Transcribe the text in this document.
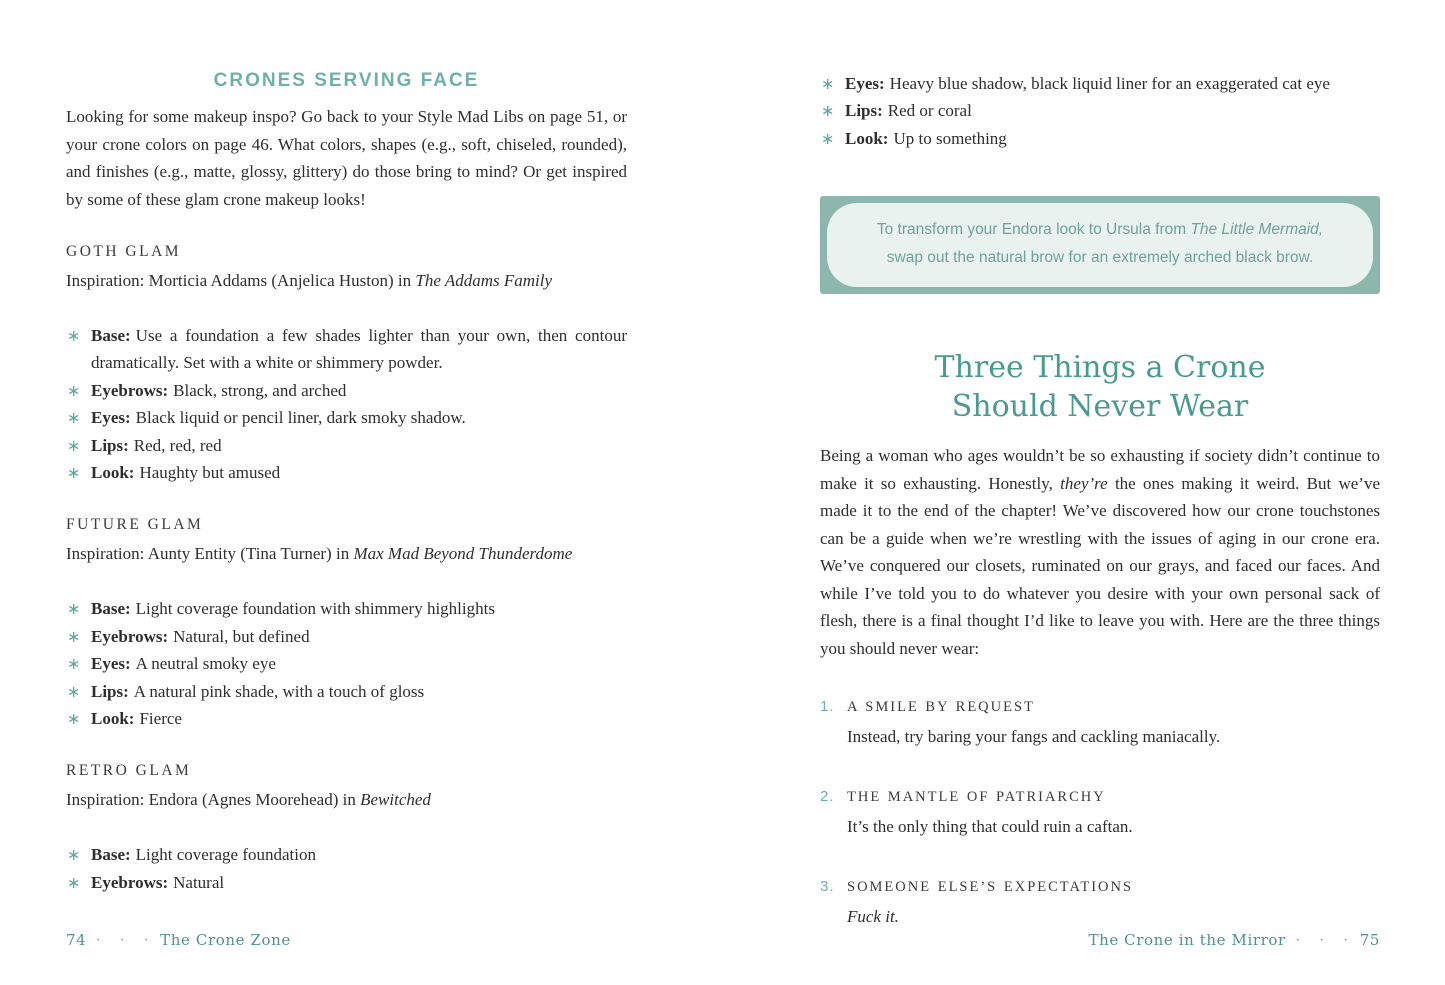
CRONES SERVING FACE

Looking for some makeup inspo? Go back to your Style Mad Libs on page 51, or your crone colors on page 46. What colors, shapes (e.g., soft, chiseled, rounded), and finishes (e.g., matte, glossy, glittery) do those bring to mind? Or get inspired by some of these glam crone makeup looks!

GOTH GLAM

Inspiration: Morticia Addams (Anjelica Huston) in The Addams Family

∗ Base: Use a foundation a few shades lighter than your own, then contour dramatically. Set with a white or shimmery powder.
∗ Eyebrows: Black, strong, and arched
∗ Eyes: Black liquid or pencil liner, dark smoky shadow.
∗ Lips: Red, red, red
∗ Look: Haughty but amused
FUTURE GLAM

Inspiration: Aunty Entity (Tina Turner) in Max Mad Beyond Thunderdome

∗ Base: Light coverage foundation with shimmery highlights
∗ Eyebrows: Natural, but defined
∗ Eyes: A neutral smoky eye
∗ Lips: A natural pink shade, with a touch of gloss
∗ Look: Fierce
RETRO GLAM

Inspiration: Endora (Agnes Moorehead) in Bewitched

∗ Base: Light coverage foundation
∗ Eyebrows: Natural
74 · · · The Crone Zone
∗ Eyes: Heavy blue shadow, black liquid liner for an exaggerated cat eye
∗ Lips: Red or coral
∗ Look: Up to something

To transform your Endora look to Ursula from The Little Mermaid, swap out the natural brow for an extremely arched black brow.

Three Things a Crone
Should Never Wear

Being a woman who ages wouldn’t be so exhausting if society didn’t continue to make it so exhausting. Honestly, they’re the ones making it weird. But we’ve made it to the end of the chapter! We’ve discovered how our crone touchstones can be a guide when we’re wrestling with the issues of aging in our crone era. We’ve conquered our closets, ruminated on our grays, and faced our faces. And while I’ve told you to do whatever you desire with your own personal sack of flesh, there is a final thought I’d like to leave you with. Here are the three things you should never wear:

1. A SMILE BY REQUEST

Instead, try baring your fangs and cackling maniacally.

2. THE MANTLE OF PATRIARCHY

It’s the only thing that could ruin a caftan.

3. SOMEONE ELSE’S EXPECTATIONS

Fuck it.

The Crone in the Mirror · · · 75
